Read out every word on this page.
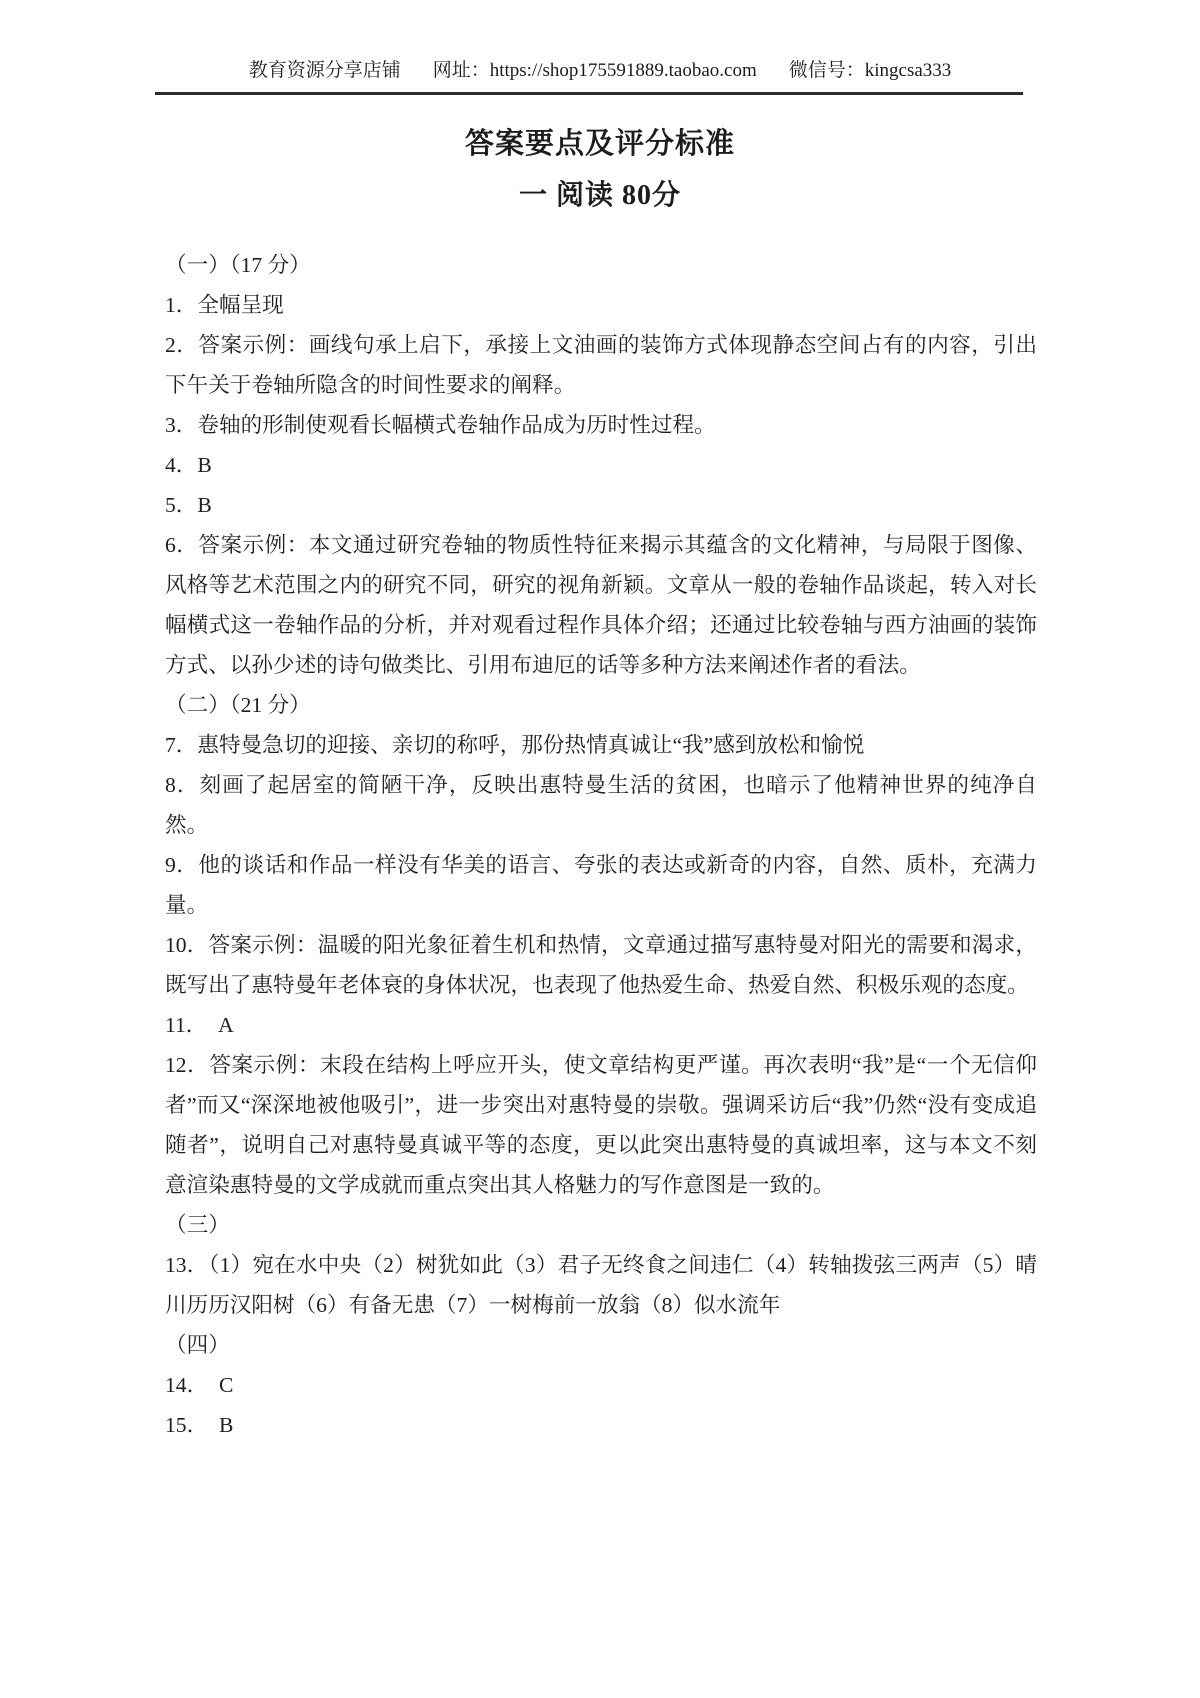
教育资源分享店铺 网址：https://shop175591889.taobao.com 微信号：kingcsa333
答案要点及评分标准
一 阅读 80分

（一）（17 分）

1．全幅呈现

2．答案示例：画线句承上启下，承接上文油画的装饰方式体现静态空间占有的内容，引出下午关于卷轴所隐含的时间性要求的阐释。

3．卷轴的形制使观看长幅横式卷轴作品成为历时性过程。

4．B

5．B

6．答案示例：本文通过研究卷轴的物质性特征来揭示其蕴含的文化精神，与局限于图像、风格等艺术范围之内的研究不同，研究的视角新颖。文章从一般的卷轴作品谈起，转入对长幅横式这一卷轴作品的分析，并对观看过程作具体介绍；还通过比较卷轴与西方油画的装饰方式、以孙少述的诗句做类比、引用布迪厄的话等多种方法来阐述作者的看法。

（二）（21 分）

7．惠特曼急切的迎接、亲切的称呼，那份热情真诚让“我”感到放松和愉悦

8．刻画了起居室的简陋干净，反映出惠特曼生活的贫困，也暗示了他精神世界的纯净自然。

9．他的谈话和作品一样没有华美的语言、夸张的表达或新奇的内容，自然、质朴，充满力量。

10．答案示例：温暖的阳光象征着生机和热情，文章通过描写惠特曼对阳光的需要和渴求，既写出了惠特曼年老体衰的身体状况，也表现了他热爱生命、热爱自然、积极乐观的态度。

11．　A

12．答案示例：末段在结构上呼应开头，使文章结构更严谨。再次表明“我”是“一个无信仰者”而又“深深地被他吸引”，进一步突出对惠特曼的崇敬。强调采访后“我”仍然“没有变成追随者”，说明自己对惠特曼真诚平等的态度，更以此突出惠特曼的真诚坦率，这与本文不刻意渲染惠特曼的文学成就而重点突出其人格魅力的写作意图是一致的。

（三）

13．（1）宛在水中央（2）树犹如此（3）君子无终食之间违仁（4）转轴拨弦三两声（5）晴川历历汉阳树（6）有备无患（7）一树梅前一放翁（8）似水流年

（四）

14．　C

15．　B
